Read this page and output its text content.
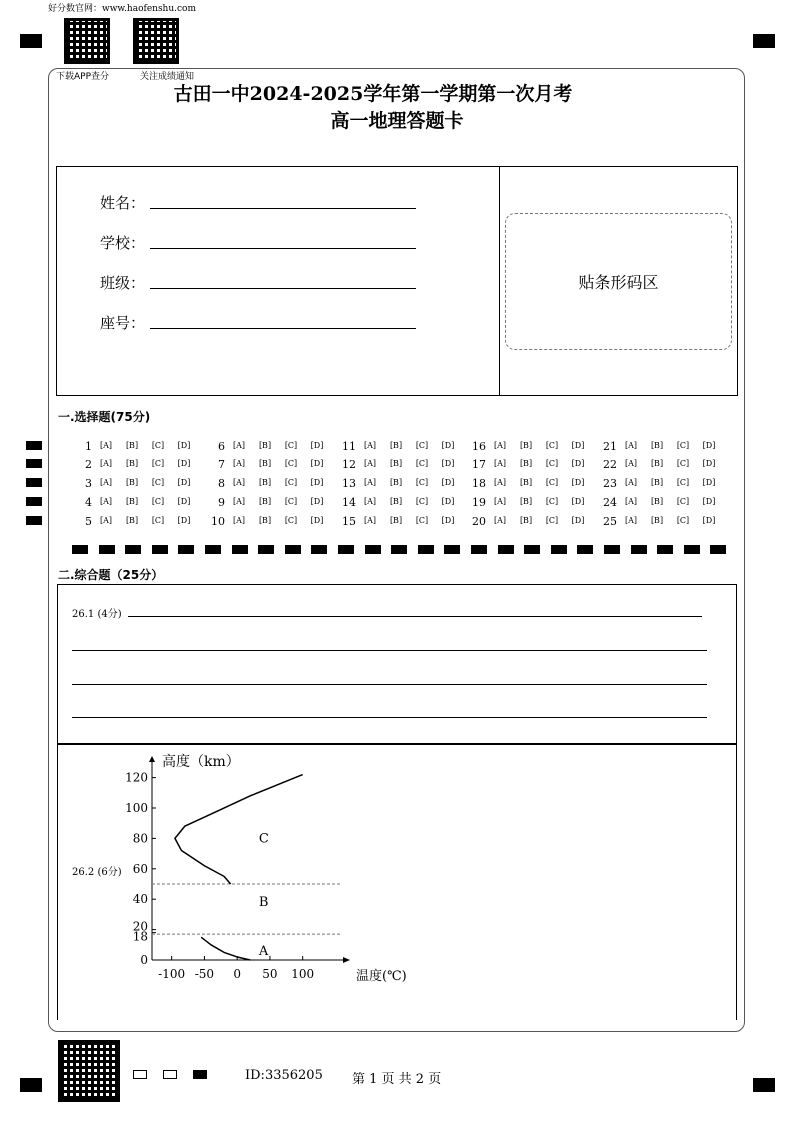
好分数官网：www.haofenshu.com
下载APP查分	关注成绩通知
古田一中2024-2025学年第一学期第一次月考
高一地理答题卡
姓名：
学校：
班级：
座号：
贴条形码区
一.选择题(75分)
1 [A]	[B]	[C]	[D]
2 [A]	[B]	[C]	[D]
3 [A]	[B]	[C]	[D]
4 [A]	[B]	[C]	[D]
5 [A]	[B]	[C]	[D]
6 [A]	[B]	[C]	[D]
7 [A]	[B]	[C]	[D]
8 [A]	[B]	[C]	[D]
9 [A]	[B]	[C]	[D]
10 [A]	[B]	[C]	[D]
11 [A]	[B]	[C]	[D]
12 [A]	[B]	[C]	[D]
13 [A]	[B]	[C]	[D]
14 [A]	[B]	[C]	[D]
15 [A]	[B]	[C]	[D]
16 [A]	[B]	[C]	[D]
17 [A]	[B]	[C]	[D]
18 [A]	[B]	[C]	[D]
19 [A]	[B]	[C]	[D]
20 [A]	[B]	[C]	[D]
21 [A]	[B]	[C]	[D]
22 [A]	[B]	[C]	[D]
23 [A]	[B]	[C]	[D]
24 [A]	[B]	[C]	[D]
25 [A]	[B]	[C]	[D]
二.综合题（25分）
26.1 (4分)
26.2 (6分)
高度（km）
温度(℃)
0
18
20
40
60
80
100
120
-100 -50 0 50 100
A
B
C
ID:3356205 第 1 页 共 2 页
